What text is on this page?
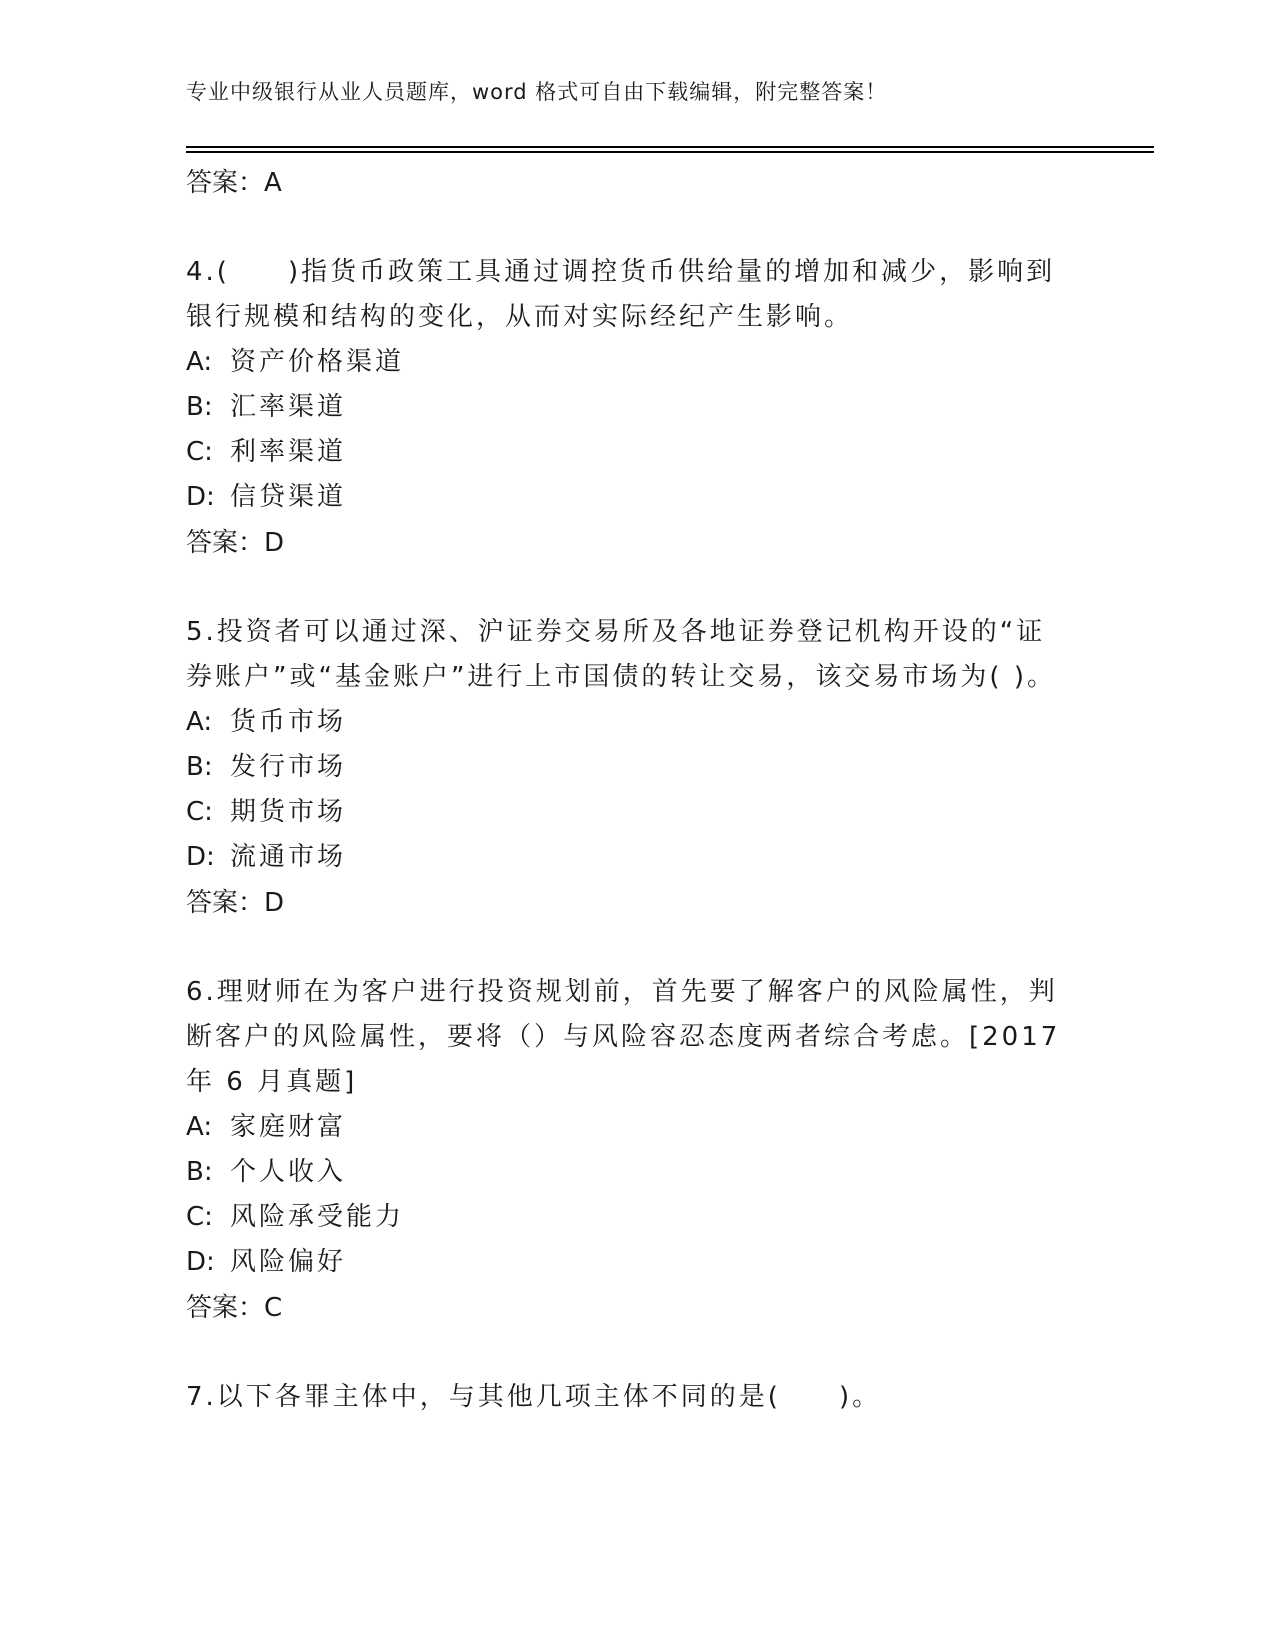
专业中级银行从业人员题库，word 格式可自由下载编辑，附完整答案！
答案：A
4.(　　)指货币政策工具通过调控货币供给量的增加和减少，影响到银行规模和结构的变化，从而对实际经纪产生影响。
A: 资产价格渠道
B: 汇率渠道
C: 利率渠道
D: 信贷渠道
答案：D
5.投资者可以通过深、沪证券交易所及各地证券登记机构开设的“证券账户”或“基金账户”进行上市国债的转让交易，该交易市场为( )。
A: 货币市场
B: 发行市场
C: 期货市场
D: 流通市场
答案：D
6.理财师在为客户进行投资规划前，首先要了解客户的风险属性，判断客户的风险属性，要将（）与风险容忍态度两者综合考虑。[2017 年 6 月真题]
A: 家庭财富
B: 个人收入
C: 风险承受能力
D: 风险偏好
答案：C
7.以下各罪主体中，与其他几项主体不同的是(　　)。
